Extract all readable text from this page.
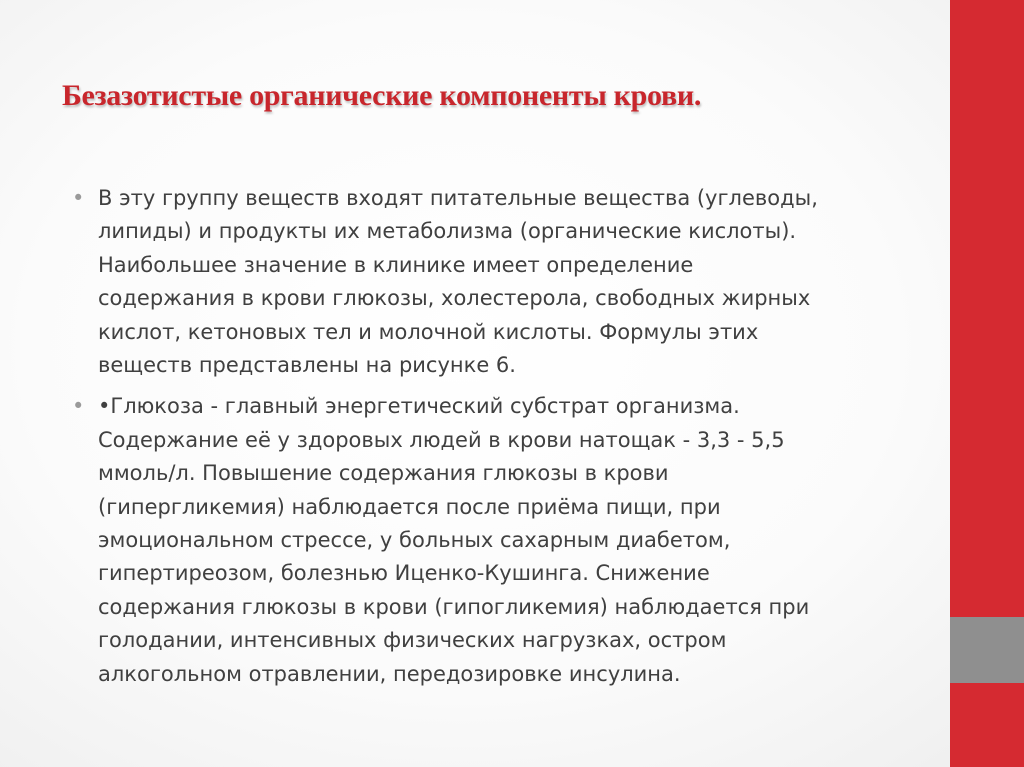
Безазотистые органические компоненты крови.
• В эту группу веществ входят питательные вещества (углеводы,
липиды) и продукты их метаболизма (органические кислоты).
Наибольшее значение в клинике имеет определение
содержания в крови глюкозы, холестерола, свободных жирных
кислот, кетоновых тел и молочной кислоты. Формулы этих
веществ представлены на рисунке 6.
• •Глюкоза - главный энергетический субстрат организма.
Содержание её у здоровых людей в крови натощак - 3,3 - 5,5
ммоль/л. Повышение содержания глюкозы в крови
(гипергликемия) наблюдается после приёма пищи, при
эмоциональном стрессе, у больных сахарным диабетом,
гипертиреозом, болезнью Иценко-Кушинга. Снижение
содержания глюкозы в крови (гипогликемия) наблюдается при
голодании, интенсивных физических нагрузках, остром
алкогольном отравлении, передозировке инсулина.
